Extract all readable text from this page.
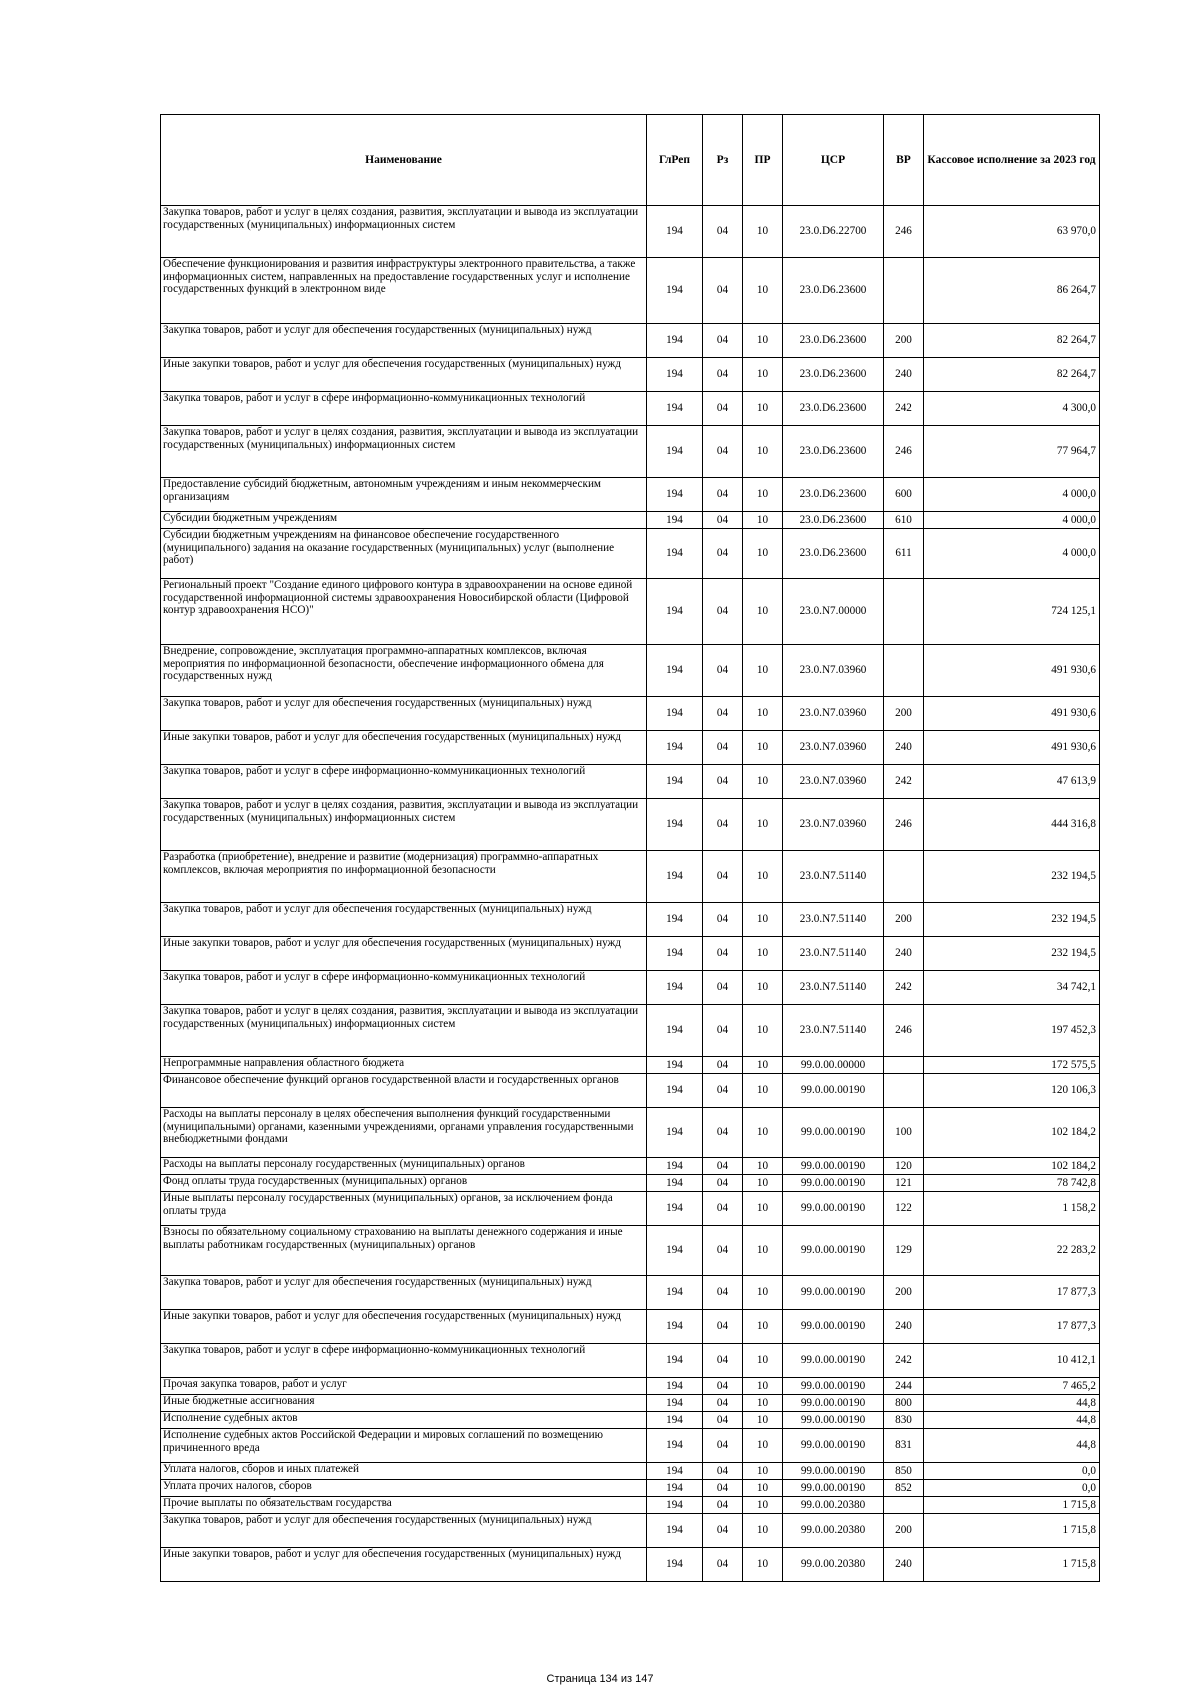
Наименование	ГлРеп	Рз	ПР	ЦСР	ВР	Кассовое исполнение за 2023 год
Закупка товаров, работ и услуг в целях создания, развития, эксплуатации и вывода из эксплуатации государственных (муниципальных) информационных систем	194	04	10	23.0.D6.22700	246	63 970,0
Обеспечение функционирования и развития инфраструктуры электронного правительства, а также информационных систем, направленных на предоставление государственных услуг и исполнение государственных функций в электронном виде	194	04	10	23.0.D6.23600		86 264,7
Закупка товаров, работ и услуг для обеспечения государственных (муниципальных) нужд	194	04	10	23.0.D6.23600	200	82 264,7
Иные закупки товаров, работ и услуг для обеспечения государственных (муниципальных) нужд	194	04	10	23.0.D6.23600	240	82 264,7
Закупка товаров, работ и услуг в сфере информационно-коммуникационных технологий	194	04	10	23.0.D6.23600	242	4 300,0
Закупка товаров, работ и услуг в целях создания, развития, эксплуатации и вывода из эксплуатации государственных (муниципальных) информационных систем	194	04	10	23.0.D6.23600	246	77 964,7
Предоставление субсидий бюджетным, автономным учреждениям и иным некоммерческим организациям	194	04	10	23.0.D6.23600	600	4 000,0
Субсидии бюджетным учреждениям	194	04	10	23.0.D6.23600	610	4 000,0
Субсидии бюджетным учреждениям на финансовое обеспечение государственного (муниципального) задания на оказание государственных (муниципальных) услуг (выполнение работ)	194	04	10	23.0.D6.23600	611	4 000,0
Региональный проект "Создание единого цифрового контура в здравоохранении на основе единой государственной информационной системы здравоохранения Новосибирской области (Цифровой контур здравоохранения НСО)"	194	04	10	23.0.N7.00000		724 125,1
Внедрение, сопровождение, эксплуатация программно-аппаратных комплексов, включая мероприятия по информационной безопасности, обеспечение информационного обмена для государственных нужд	194	04	10	23.0.N7.03960		491 930,6
Закупка товаров, работ и услуг для обеспечения государственных (муниципальных) нужд	194	04	10	23.0.N7.03960	200	491 930,6
Иные закупки товаров, работ и услуг для обеспечения государственных (муниципальных) нужд	194	04	10	23.0.N7.03960	240	491 930,6
Закупка товаров, работ и услуг в сфере информационно-коммуникационных технологий	194	04	10	23.0.N7.03960	242	47 613,9
Закупка товаров, работ и услуг в целях создания, развития, эксплуатации и вывода из эксплуатации государственных (муниципальных) информационных систем	194	04	10	23.0.N7.03960	246	444 316,8
Разработка (приобретение), внедрение и развитие (модернизация) программно-аппаратных комплексов, включая мероприятия по информационной безопасности	194	04	10	23.0.N7.51140		232 194,5
Закупка товаров, работ и услуг для обеспечения государственных (муниципальных) нужд	194	04	10	23.0.N7.51140	200	232 194,5
Иные закупки товаров, работ и услуг для обеспечения государственных (муниципальных) нужд	194	04	10	23.0.N7.51140	240	232 194,5
Закупка товаров, работ и услуг в сфере информационно-коммуникационных технологий	194	04	10	23.0.N7.51140	242	34 742,1
Закупка товаров, работ и услуг в целях создания, развития, эксплуатации и вывода из эксплуатации государственных (муниципальных) информационных систем	194	04	10	23.0.N7.51140	246	197 452,3
Непрограммные направления областного бюджета	194	04	10	99.0.00.00000		172 575,5
Финансовое обеспечение функций органов государственной власти и государственных органов	194	04	10	99.0.00.00190		120 106,3
Расходы на выплаты персоналу в целях обеспечения выполнения функций государственными (муниципальными) органами, казенными учреждениями, органами управления государственными внебюджетными фондами	194	04	10	99.0.00.00190	100	102 184,2
Расходы на выплаты персоналу государственных (муниципальных) органов	194	04	10	99.0.00.00190	120	102 184,2
Фонд оплаты труда государственных (муниципальных) органов	194	04	10	99.0.00.00190	121	78 742,8
Иные выплаты персоналу государственных (муниципальных) органов, за исключением фонда оплаты труда	194	04	10	99.0.00.00190	122	1 158,2
Взносы по обязательному социальному страхованию на выплаты денежного содержания и иные выплаты работникам государственных (муниципальных) органов	194	04	10	99.0.00.00190	129	22 283,2
Закупка товаров, работ и услуг для обеспечения государственных (муниципальных) нужд	194	04	10	99.0.00.00190	200	17 877,3
Иные закупки товаров, работ и услуг для обеспечения государственных (муниципальных) нужд	194	04	10	99.0.00.00190	240	17 877,3
Закупка товаров, работ и услуг в сфере информационно-коммуникационных технологий	194	04	10	99.0.00.00190	242	10 412,1
Прочая закупка товаров, работ и услуг	194	04	10	99.0.00.00190	244	7 465,2
Иные бюджетные ассигнования	194	04	10	99.0.00.00190	800	44,8
Исполнение судебных актов	194	04	10	99.0.00.00190	830	44,8
Исполнение судебных актов Российской Федерации и мировых соглашений по возмещению причиненного вреда	194	04	10	99.0.00.00190	831	44,8
Уплата налогов, сборов и иных платежей	194	04	10	99.0.00.00190	850	0,0
Уплата прочих налогов, сборов	194	04	10	99.0.00.00190	852	0,0
Прочие выплаты по обязательствам государства	194	04	10	99.0.00.20380		1 715,8
Закупка товаров, работ и услуг для обеспечения государственных (муниципальных) нужд	194	04	10	99.0.00.20380	200	1 715,8
Иные закупки товаров, работ и услуг для обеспечения государственных (муниципальных) нужд	194	04	10	99.0.00.20380	240	1 715,8
Страница 134 из 147
